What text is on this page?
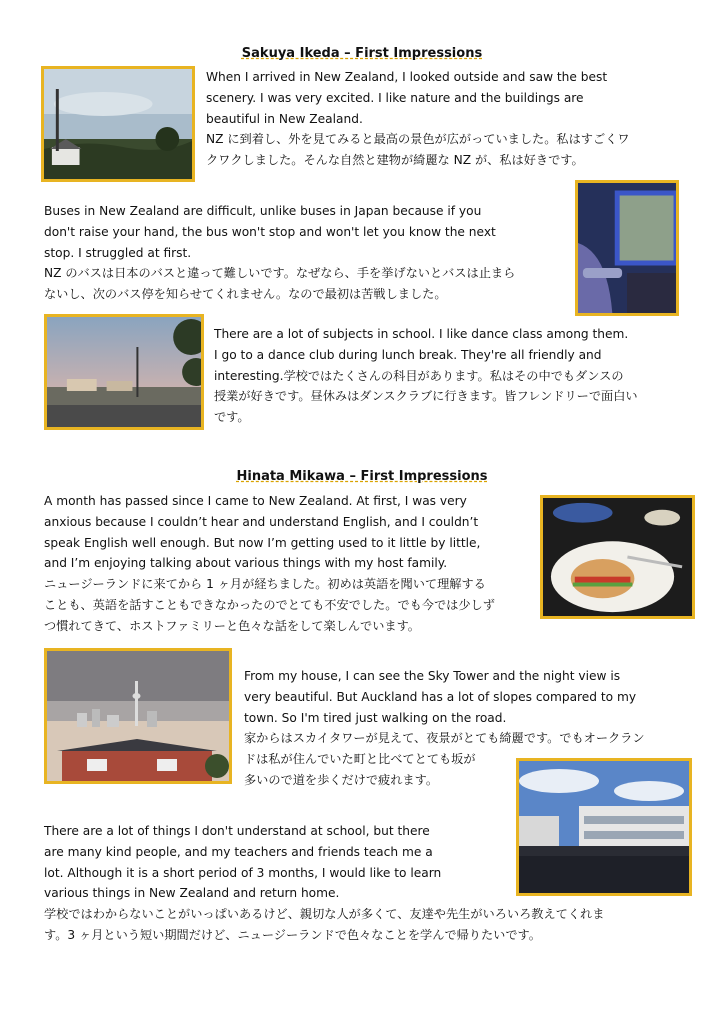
Sakuya Ikeda – First Impressions
When I arrived in New Zealand, I looked outside and saw the best
scenery. I was very excited. I like nature and the buildings are
beautiful in New Zealand.
NZ に到着し、外を見てみると最高の景色が広がっていました。私はすごくワ
クワクしました。そんな自然と建物が綺麗な NZ が、私は好きです。
Buses in New Zealand are difficult, unlike buses in Japan because if you
don't raise your hand, the bus won't stop and won't let you know the next
stop. I struggled at first.
NZ のバスは日本のバスと違って難しいです。なぜなら、手を挙げないとバスは止まら
ないし、次のバス停を知らせてくれません。なので最初は苦戦しました。
There are a lot of subjects in school. I like dance class among them.
I go to a dance club during lunch break. They're all friendly and
interesting.学校ではたくさんの科目があります。私はその中でもダンスの
授業が好きです。昼休みはダンスクラブに行きます。皆フレンドリーで面白い
です。
Hinata Mikawa – First Impressions
A month has passed since I came to New Zealand. At first, I was very
anxious because I couldn’t hear and understand English, and I couldn’t
speak English well enough. But now I’m getting used to it little by little,
and I’m enjoying talking about various things with my host family.
ニュージーランドに来てから 1 ヶ月が経ちました。初めは英語を聞いて理解する
ことも、英語を話すこともできなかったのでとても不安でした。でも今では少しず
つ慣れてきて、ホストファミリーと色々な話をして楽しんでいます。
From my house, I can see the Sky Tower and the night view is
very beautiful. But Auckland has a lot of slopes compared to my
town. So I'm tired just walking on the road.
家からはスカイタワーが見えて、夜景がとても綺麗です。でもオークラン
ドは私が住んでいた町と比べてとても坂が
多いので道を歩くだけで疲れます。
There are a lot of things I don't understand at school, but there
are many kind people, and my teachers and friends teach me a
lot. Although it is a short period of 3 months, I would like to learn
various things in New Zealand and return home.
学校ではわからないことがいっぱいあるけど、親切な人が多くて、友達や先生がいろいろ教えてくれま
す。3 ヶ月という短い期間だけど、ニュージーランドで色々なことを学んで帰りたいです。
